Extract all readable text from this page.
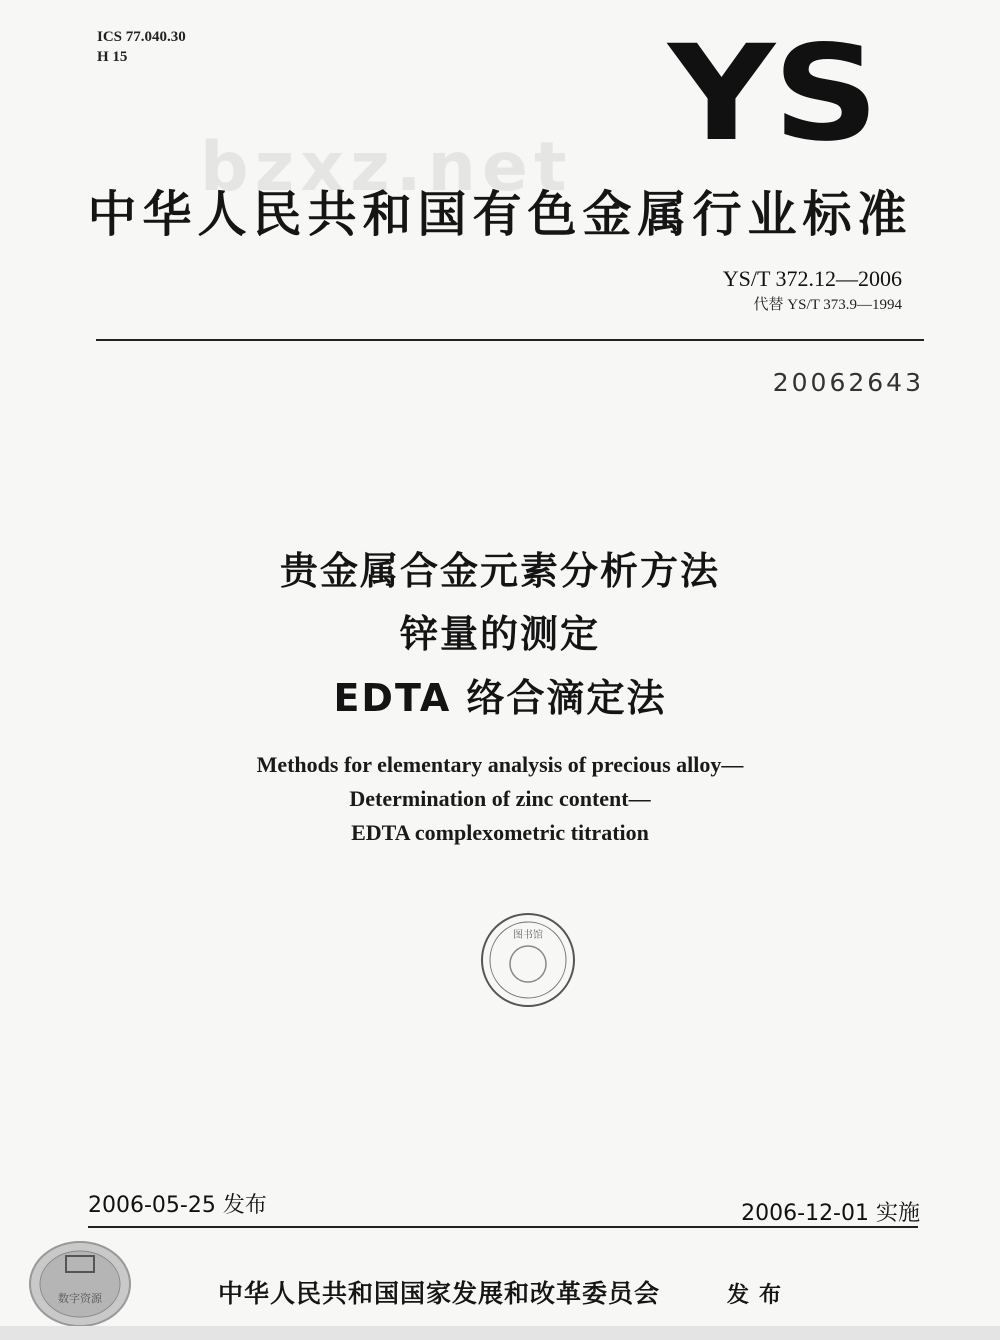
ICS 77.040.30
H 15	YS
bzxz.net
中华人民共和国有色金属行业标准
YS/T 372.12—2006
代替 YS/T 373.9—1994
20062643
贵金属合金元素分析方法
锌量的测定
EDTA 络合滴定法
Methods for elementary analysis of precious alloy—
Determination of zinc content—
EDTA complexometric titration
图书馆
2006-05-25 发布	2006-12-01 实施
数字资源	中华人民共和国国家发展和改革委员会	发布
